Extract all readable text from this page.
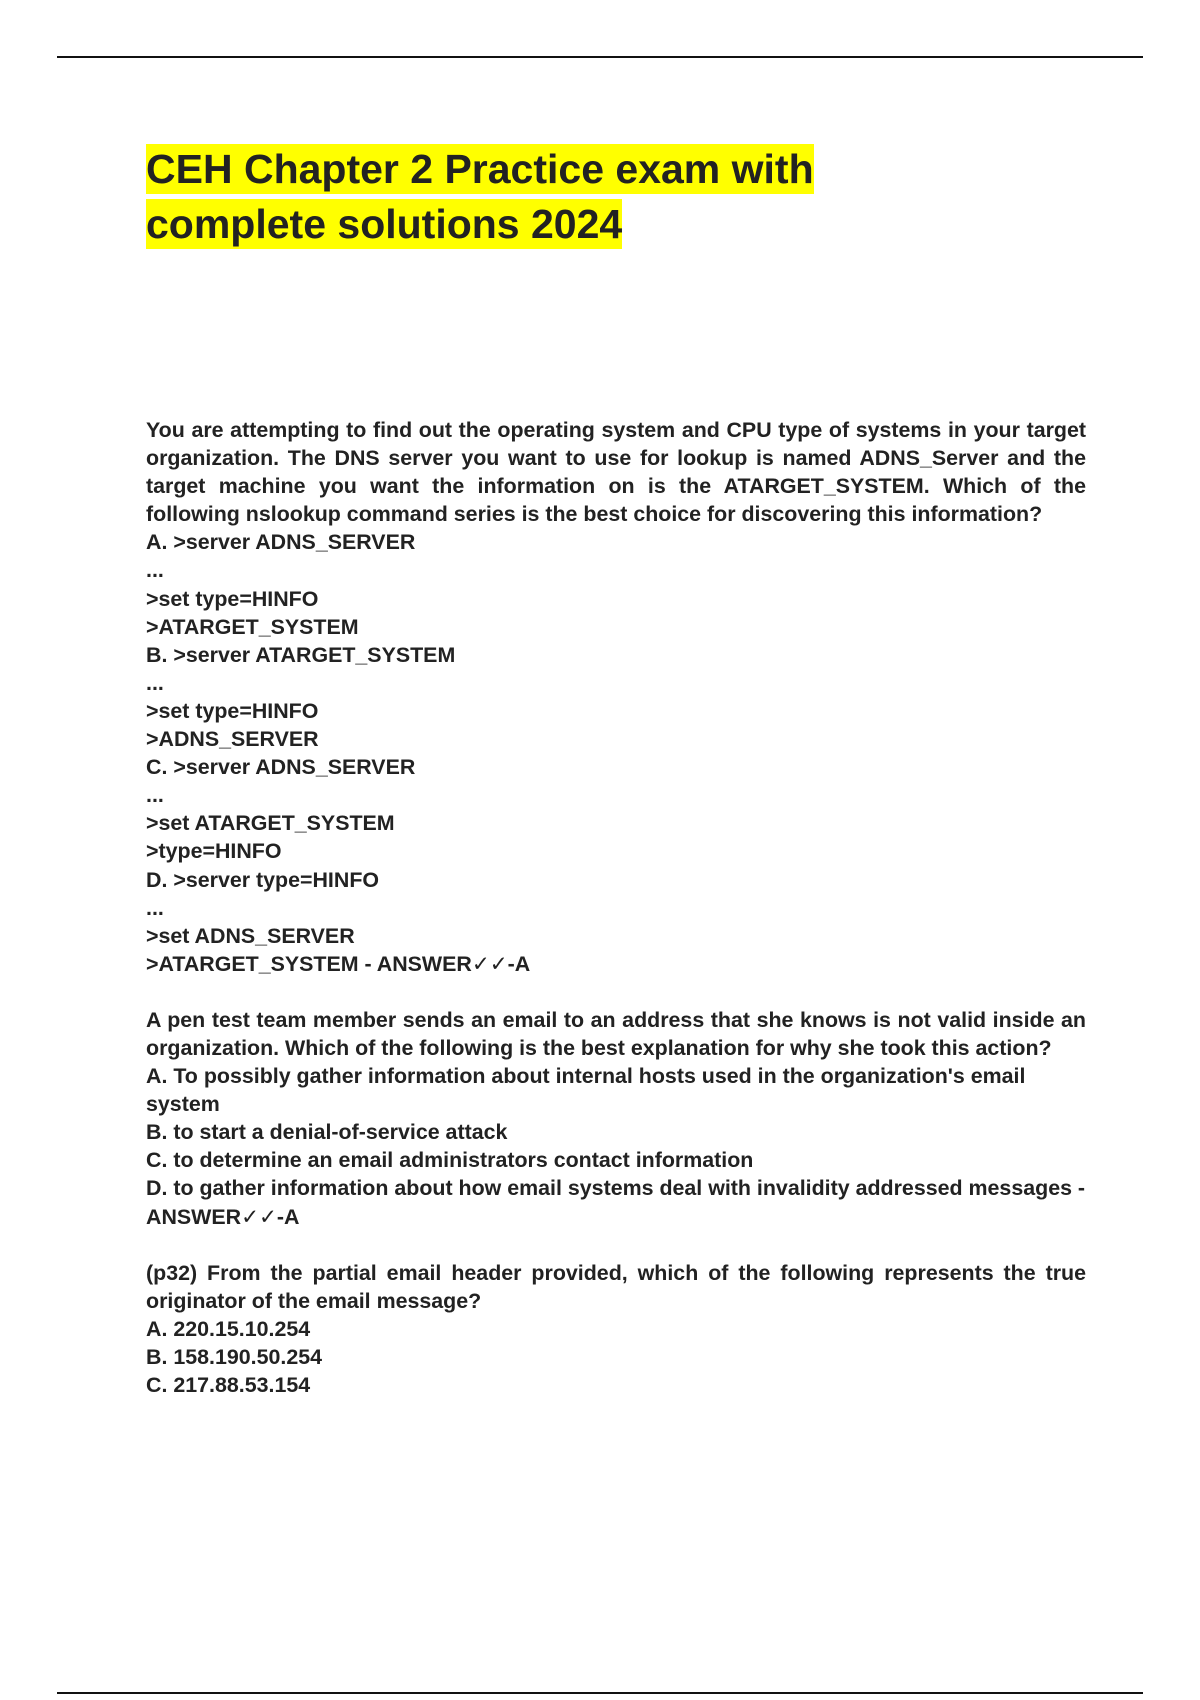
CEH Chapter 2 Practice exam with
complete solutions 2024
You are attempting to find out the operating system and CPU type of systems in your target organization. The DNS server you want to use for lookup is named ADNS_Server and the target machine you want the information on is the ATARGET_SYSTEM. Which of the following nslookup command series is the best choice for discovering this information?
A. >server ADNS_SERVER
...
>set type=HINFO
>ATARGET_SYSTEM
B. >server ATARGET_SYSTEM
...
>set type=HINFO
>ADNS_SERVER
C. >server ADNS_SERVER
...
>set ATARGET_SYSTEM
>type=HINFO
D. >server type=HINFO
...
>set ADNS_SERVER
>ATARGET_SYSTEM - ANSWER✓✓-A
A pen test team member sends an email to an address that she knows is not valid inside an organization. Which of the following is the best explanation for why she took this action?
A. To possibly gather information about internal hosts used in the organization's email system
B. to start a denial-of-service attack
C. to determine an email administrators contact information
D. to gather information about how email systems deal with invalidity addressed messages - ANSWER✓✓-A
(p32) From the partial email header provided, which of the following represents the true originator of the email message?
A. 220.15.10.254
B. 158.190.50.254
C. 217.88.53.154
